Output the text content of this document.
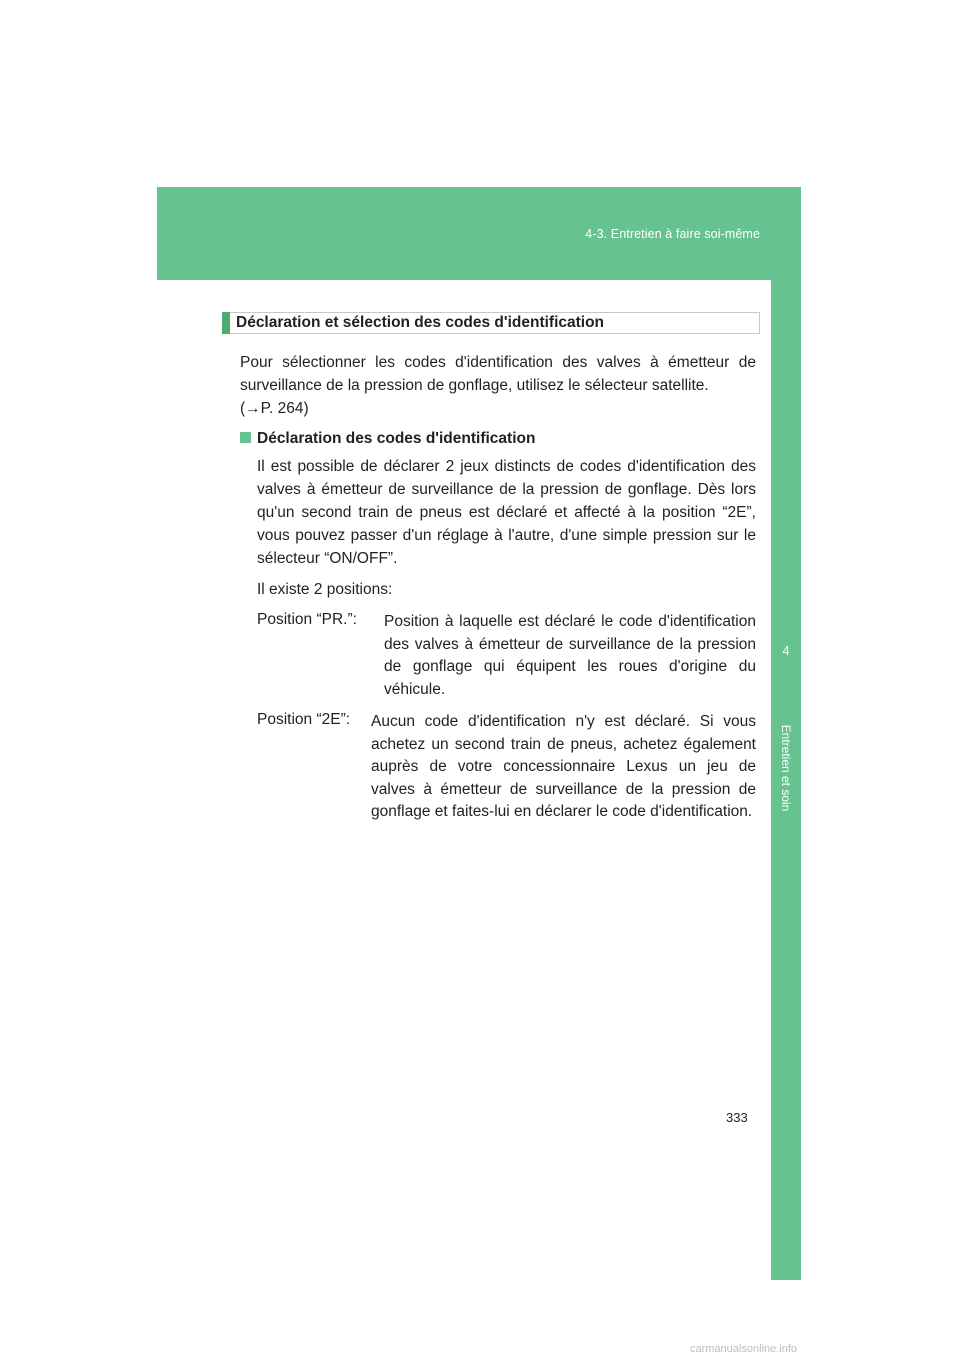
4-3. Entretien à faire soi-même
4
Entretien et soin
Déclaration et sélection des codes d'identification
Pour sélectionner les codes d'identification des valves à émetteur de surveillance de la pression de gonflage, utilisez le sélecteur satellite.
(→P. 264)
Déclaration des codes d'identification
Il est possible de déclarer 2 jeux distincts de codes d'identification des valves à émetteur de surveillance de la pression de gonflage. Dès lors qu'un second train de pneus est déclaré et affecté à la position “2E”, vous pouvez passer d'un réglage à l'autre, d'une simple pression sur le sélecteur “ON/OFF”.
Il existe 2 positions:
Position “PR.”: Position à laquelle est déclaré le code d'identification des valves à émetteur de surveillance de la pression de gonflage qui équipent les roues d'origine du véhicule.
Position “2E”: Aucun code d'identification n'y est déclaré. Si vous achetez un second train de pneus, achetez également auprès de votre concessionnaire Lexus un jeu de valves à émetteur de surveillance de la pression de gonflage et faites-lui en déclarer le code d'identification.
333
carmanualsonline.info
